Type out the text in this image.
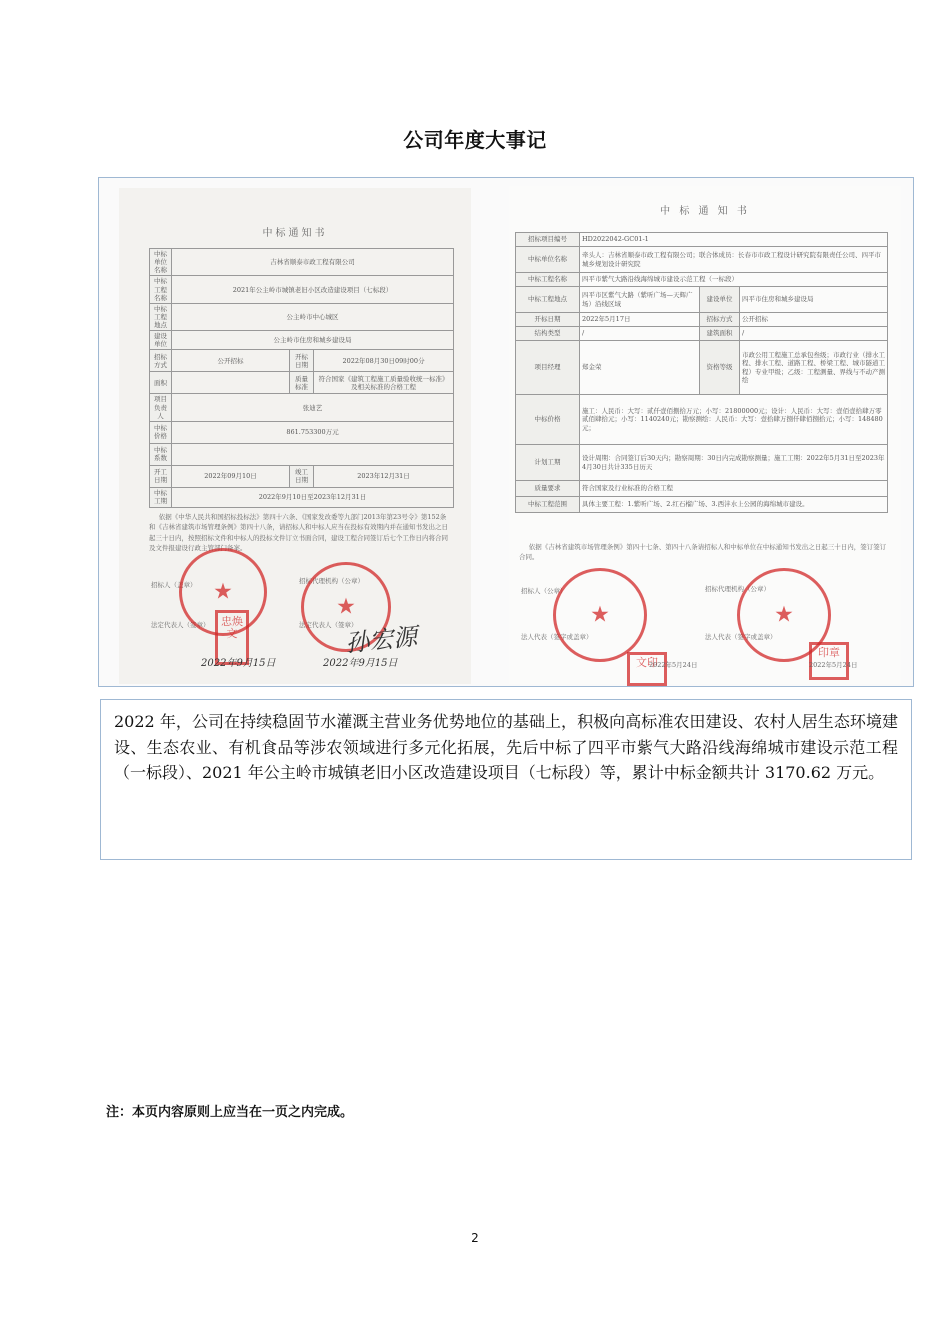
公司年度大事记
中标通知书
中标单位名称	吉林省顺泰市政工程有限公司		
中标工程名称	2021年公主岭市城镇老旧小区改造建设项目（七标段）		
中标工程地点	公主岭市中心城区		
建设单位	公主岭市住房和城乡建设局		
招标方式	公开招标	开标日期	2022年08月30日09时00分
面积		质量标准	符合国家《建筑工程施工质量验收统一标准》及相关标准的合格工程
项目负责人	张迪艺		
中标价格	861.753300万元		
中标系数			
开工日期	2022年09月10日	竣工日期	2023年12月31日
中标工期	2022年9月10日至2023年12月31日		
依据《中华人民共和国招标投标法》第四十六条、《国家发改委等九部门2013年第23号令》第152条和《吉林省建筑市场管理条例》第四十八条，请招标人和中标人应当在投标有效期内并在通知书发出之日起三十日内，按照招标文件和中标人的投标文件订立书面合同，建设工程合同签订后七个工作日内将合同及文件报建设行政主管部门备案。
招标人（盖章）	招标代理机构（公章）
法定代表人（签章）	法定代表人（签章）
★
★
忠焕 文	孙宏源
2022年9月15日	2022年9月15日
中 标 通 知 书
招标项目编号	HD2022042-GC01-1		
中标单位名称	牵头人：吉林省顺泰市政工程有限公司；联合体成员：长春市市政工程设计研究院有限责任公司、四平市城乡规划设计研究院		
中标工程名称	四平市紫气大路沿线海绵城市建设示范工程（一标段）		
中标工程地点	四平市区紫气大路（紫听广场—天辉广场）沿线区域	建设单位	四平市住房和城乡建设局
开标日期	2022年5月17日	招标方式	公开招标
结构类型	/	建筑面积	/
项目经理	郑金荣	资格等级	市政公用工程施工总承包叁级；市政行业（排水工程、排水工程、道路工程、桥梁工程、城市隧道工程）专业甲级；乙级：工程测量、界线与不动产测绘
中标价格	施工：人民币：大写：贰仟壹佰捌拾万元；小写：21800000元；设计：人民币：大写：壹佰壹拾肆万零贰佰肆拾元；小写：1140240元；勘察测绘：人民币：大写：壹拾肆万捌仟肆佰捌拾元；小写：148480元；		
计划工期	设计周期：合同签订后30天内；勘察周期：30日内完成勘察测量；施工工期：2022年5月31日至2023年4月30日共计335日历天		
质量要求	符合国家及行业标准的合格工程		
中标工程范围	具体主要工程：1.紫听广场、2.红石榴广场、3.西沣水上公园的海绵城市建设。		
依据《吉林省建筑市场管理条例》第四十七条、第四十八条请招标人和中标单位在中标通知书发出之日起三十日内，签订签订合同。
招标人（公章）	招标代理机构（公章）
法人代表（签字或盖章）	法人代表（签字或盖章）
★	★
文印
印章
2022年5月24日	2022年5月24日
2022 年，公司在持续稳固节水灌溉主营业务优势地位的基础上，积极向高标准农田建设、农村人居生态环境建设、生态农业、有机食品等涉农领域进行多元化拓展，先后中标了四平市紫气大路沿线海绵城市建设示范工程（一标段）、2021 年公主岭市城镇老旧小区改造建设项目（七标段）等，累计中标金额共计 3170.62 万元。
注：本页内容原则上应当在一页之内完成。
2
